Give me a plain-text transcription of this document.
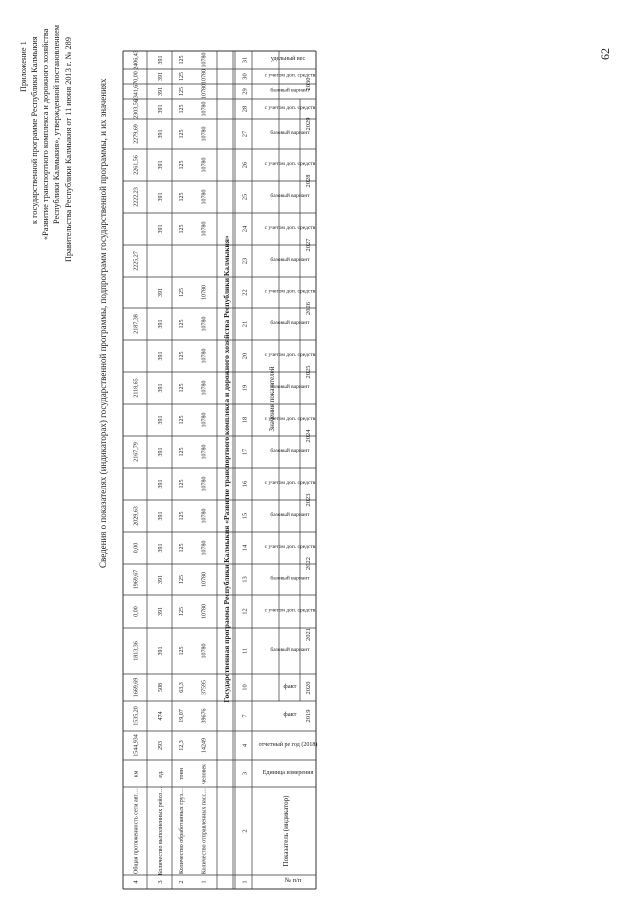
Приложение 1 к государственной программе Республики Калмыкия «Развитие транспортного комплекса и дорожного хозяйства Республики Калмыкия», утвержденной постановлением Правительства Республики Калмыкия от 11 июня 2013 г. № 289	62
Сведения о показателях (индикаторах) государственной программы, подпрограмм государственной программы, и их значениях
1
2
3
4
7
10
11
12
13
14
15
16
17
18
19
20
21
22
23
24
25
26
27
28
29
30
31
№ п/п
Показатель (индикатор)
Единица измерения
отчетный ре год (2018)
Значения показателей
удельный вес
2019
2020
факт
факт
2021
базовый вариант
с учетом доп. средств
2022
базовый вариант
с учетом доп. средств
2023
базовый вариант
с учетом доп. средств
2024
базовый вариант
с учетом доп. средств
2025
базовый вариант
с учетом доп. средств
2026
базовый вариант
с учетом доп. средств
2027
базовый вариант
с учетом доп. средств
2028
базовый вариант
с учетом доп. средств
2029
базовый вариант
с учетом доп. средств
2030
базовый вариант
с учетом доп. средств
Государственная программа Республики Калмыкия «Развитие транспортного комплекса и дорожного хозяйства Республики Калмыкия»
1
Количество отправленных пасс…
человек
14249
39676
37595
10780
10780
10780
10780
10780
10780
10780
10780
10780
10780
10780
10780
10780
10780
10780
10780
10780
10780
10780
10780
2
Количество обработанных груз…
тонн
12,3
19,07
63,3
125
125
125
125
125
125
125
125
125
125
125
125
125
125
125
125
125
125
125
125
3
Количество выполненных рейсо…
ед.
293
474
508
391
391
391
391
391
391
391
391
391
391
391
391
391
391
391
391
391
391
391
391
4
Общая протяженность сети авт…
км
1544,934
1535,20
1669,69
1813,36
0,00
1969,67
0,00
2029,63
2167,79
2118,65
2187,38
2225,27
2222,23
2261,56
2279,69
2303,56
2341,67
0,00
2406,43
